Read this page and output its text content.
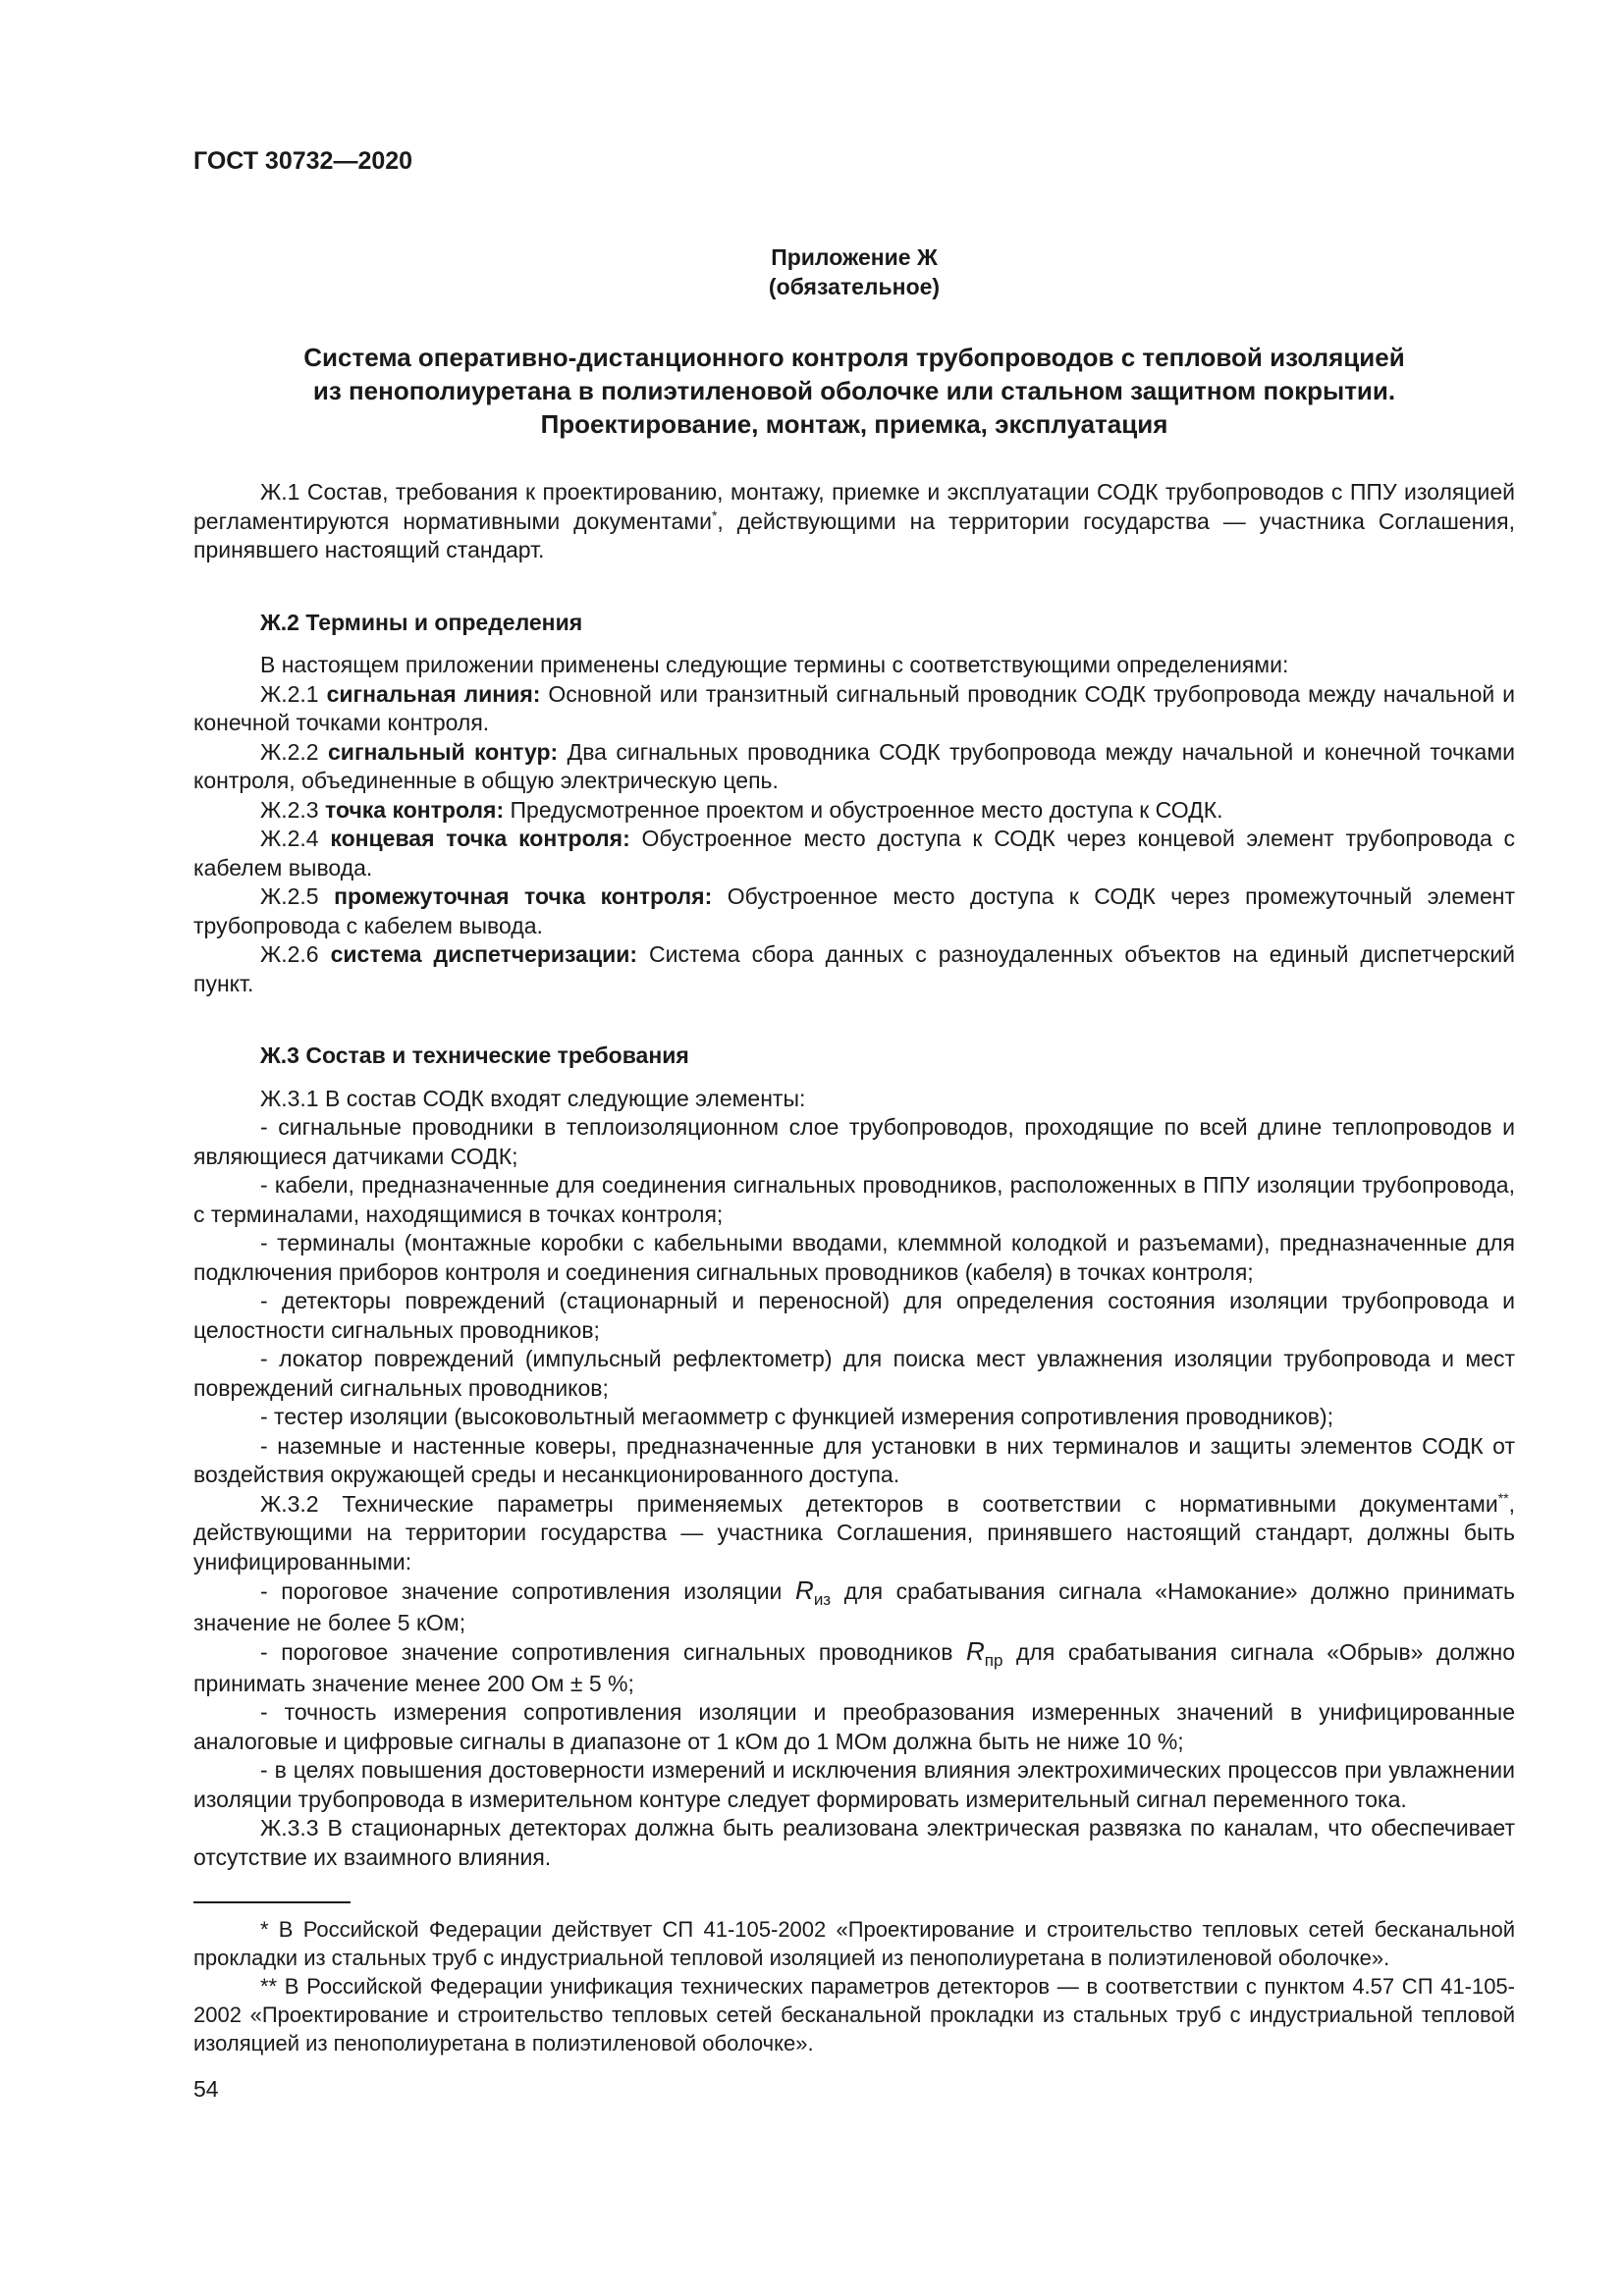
ГОСТ 30732—2020

Приложение Ж
(обязательное)
Система оперативно-дистанционного контроля трубопроводов с тепловой изоляцией
из пенополиуретана в полиэтиленовой оболочке или стальном защитном покрытии.
Проектирование, монтаж, приемка, эксплуатация

Ж.1 Состав, требования к проектированию, монтажу, приемке и эксплуатации СОДК трубопроводов с ППУ изоляцией регламентируются нормативными документами*, действующими на территории государства — участника Соглашения, принявшего настоящий стандарт.

Ж.2 Термины и определения

В настоящем приложении применены следующие термины с соответствующими определениями:

Ж.2.1 сигнальная линия: Основной или транзитный сигнальный проводник СОДК трубопровода между начальной и конечной точками контроля.

Ж.2.2 сигнальный контур: Два сигнальных проводника СОДК трубопровода между начальной и конечной точками контроля, объединенные в общую электрическую цепь.

Ж.2.3 точка контроля: Предусмотренное проектом и обустроенное место доступа к СОДК.

Ж.2.4 концевая точка контроля: Обустроенное место доступа к СОДК через концевой элемент трубопровода с кабелем вывода.

Ж.2.5 промежуточная точка контроля: Обустроенное место доступа к СОДК через промежуточный элемент трубопровода с кабелем вывода.

Ж.2.6 система диспетчеризации: Система сбора данных с разноудаленных объектов на единый диспетчерский пункт.

Ж.3 Состав и технические требования

Ж.3.1 В состав СОДК входят следующие элементы:

- сигнальные проводники в теплоизоляционном слое трубопроводов, проходящие по всей длине теплопроводов и являющиеся датчиками СОДК;

- кабели, предназначенные для соединения сигнальных проводников, расположенных в ППУ изоляции трубопровода, с терминалами, находящимися в точках контроля;

- терминалы (монтажные коробки с кабельными вводами, клеммной колодкой и разъемами), предназначенные для подключения приборов контроля и соединения сигнальных проводников (кабеля) в точках контроля;

- детекторы повреждений (стационарный и переносной) для определения состояния изоляции трубопровода и целостности сигнальных проводников;

- локатор повреждений (импульсный рефлектометр) для поиска мест увлажнения изоляции трубопровода и мест повреждений сигнальных проводников;

- тестер изоляции (высоковольтный мегаомметр с функцией измерения сопротивления проводников);

- наземные и настенные коверы, предназначенные для установки в них терминалов и защиты элементов СОДК от воздействия окружающей среды и несанкционированного доступа.

Ж.3.2 Технические параметры применяемых детекторов в соответствии с нормативными документами**, действующими на территории государства — участника Соглашения, принявшего настоящий стандарт, должны быть унифицированными:

- пороговое значение сопротивления изоляции $R_{из}$ для срабатывания сигнала «Намокание» должно принимать значение не более 5 кОм;

- пороговое значение сопротивления сигнальных проводников $R_{пр}$ для срабатывания сигнала «Обрыв» должно принимать значение менее 200 Ом ± 5 %;

- точность измерения сопротивления изоляции и преобразования измеренных значений в унифицированные аналоговые и цифровые сигналы в диапазоне от 1 кОм до 1 МОм должна быть не ниже 10 %;

- в целях повышения достоверности измерений и исключения влияния электрохимических процессов при увлажнении изоляции трубопровода в измерительном контуре следует формировать измерительный сигнал переменного тока.

Ж.3.3 В стационарных детекторах должна быть реализована электрическая развязка по каналам, что обеспечивает отсутствие их взаимного влияния.

* В Российской Федерации действует СП 41-105-2002 «Проектирование и строительство тепловых сетей бесканальной прокладки из стальных труб с индустриальной тепловой изоляцией из пенополиуретана в полиэтиленовой оболочке».

** В Российской Федерации унификация технических параметров детекторов — в соответствии с пунктом 4.57 СП 41-105-2002 «Проектирование и строительство тепловых сетей бесканальной прокладки из стальных труб с индустриальной тепловой изоляцией из пенополиуретана в полиэтиленовой оболочке».

54
